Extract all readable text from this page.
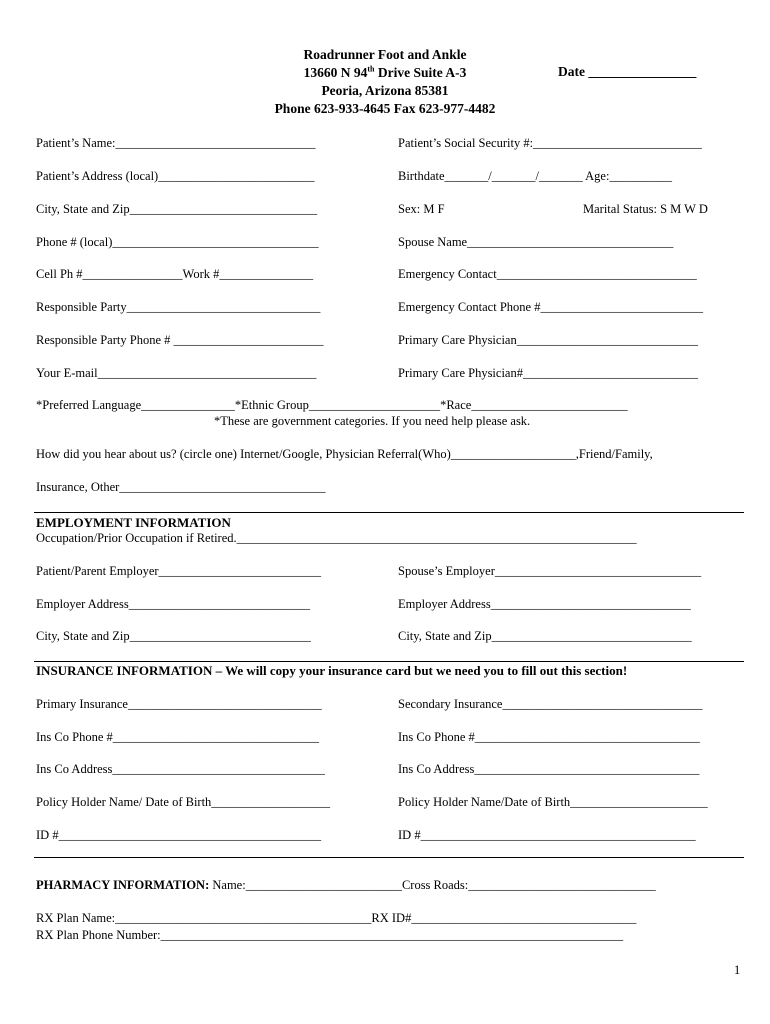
Roadrunner Foot and Ankle
13660 N 94th Drive Suite A-3
Peoria, Arizona 85381
Phone 623-933-4645 Fax 623-977-4482
Date ________________
Patient’s Name:________________________________	Patient’s Social Security #:___________________________
Patient’s Address (local)_________________________	Birthdate_______/_______/_______ Age:__________
City, State and Zip______________________________	Sex: M F	Marital Status: S M W D
Phone # (local)_________________________________	Spouse Name_________________________________
Cell Ph #________________Work #_______________	Emergency Contact________________________________
Responsible Party_______________________________	Emergency Contact Phone #__________________________
Responsible Party Phone # ________________________	Primary Care Physician_____________________________
Your E-mail___________________________________	Primary Care Physician#____________________________
*Preferred Language_______________*Ethnic Group_____________________*Race_________________________
*These are government categories. If you need help please ask.
How did you hear about us? (circle one) Internet/Google, Physician Referral(Who)____________________,Friend/Family,
Insurance, Other_________________________________
EMPLOYMENT INFORMATION
Occupation/Prior Occupation if Retired.________________________________________________________________
Patient/Parent Employer__________________________	Spouse’s Employer_________________________________
Employer Address_____________________________	Employer Address________________________________
City, State and Zip_____________________________	City, State and Zip________________________________
INSURANCE INFORMATION – We will copy your insurance card but we need you to fill out this section!
Primary Insurance_______________________________	Secondary Insurance________________________________
Ins Co Phone #_________________________________	Ins Co Phone #____________________________________
Ins Co Address__________________________________	Ins Co Address____________________________________
Policy Holder Name/ Date of Birth___________________	Policy Holder Name/Date of Birth______________________
ID #__________________________________________	ID #____________________________________________
PHARMACY INFORMATION: Name:_________________________Cross Roads:______________________________
RX Plan Name:_________________________________________RX ID#____________________________________
RX Plan Phone Number:__________________________________________________________________________
1
